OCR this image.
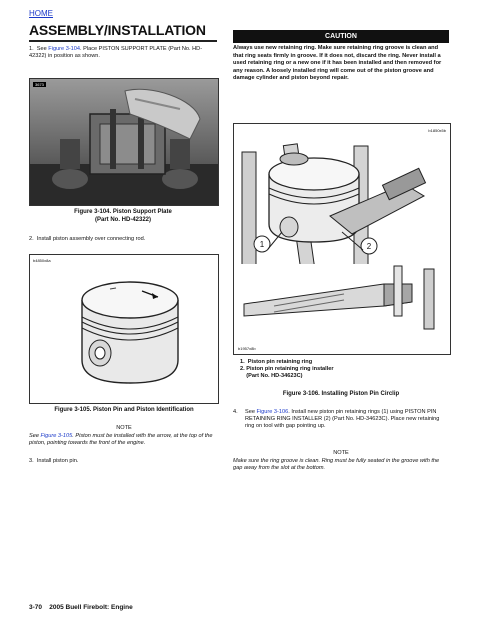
HOME
ASSEMBLY/INSTALLATION
1. See Figure 3-104. Place PISTON SUPPORT PLATE (Part No. HD-42322) in position as shown.
3673
Figure 3-104. Piston Support Plate
(Part No. HD-42322)
2. Install piston assembly over connecting rod.
b4850x8a
Figure 3-105. Piston Pin and Piston Identification
NOTE
See Figure 3-105. Piston must be installed with the arrow, at the top of the piston, pointing towards the front of the engine.
3. Install piston pin.
CAUTION
Always use new retaining ring. Make sure retaining ring groove is clean and that ring seats firmly in groove. If it does not, discard the ring. Never install a used retaining ring or a new one if it has been installed and then removed for any reason. A loosely installed ring will come out of the piston groove and damage cylinder and piston beyond repair.
b1850x5b
1	2
b1957x8b
1. Piston pin retaining ring
2.
Piston pin retaining ring installer (Part No. HD-34623C)
Figure 3-106. Installing Piston Pin Circlip
4.	See Figure 3-106. Install new piston pin retaining rings (1) using PISTON PIN RETAINING RING INSTALLER (2) (Part No. HD-34623C). Place new retaining ring on tool with gap pointing up.
NOTE
Make sure the ring groove is clean. Ring must be fully seated in the groove with the gap away from the slot at the bottom.
3-70 2005 Buell Firebolt: Engine
